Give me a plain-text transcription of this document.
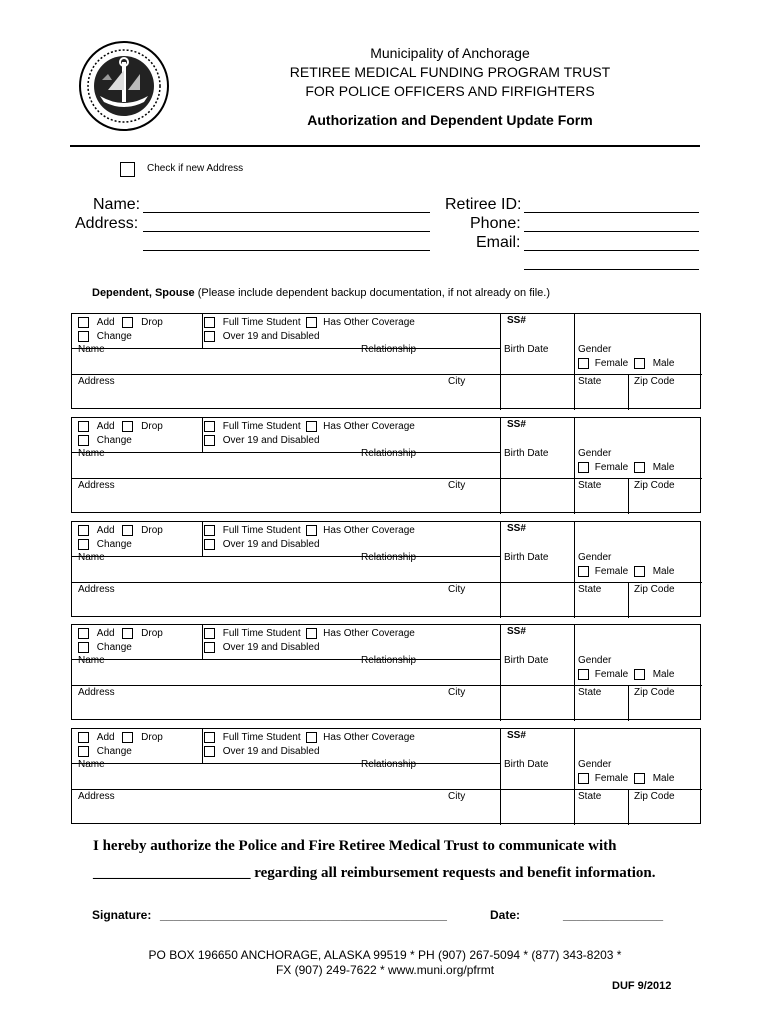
Municipality of Anchorage
RETIREE MEDICAL FUNDING PROGRAM TRUST
FOR POLICE OFFICERS AND FIRFIGHTERS
Authorization and Dependent Update Form
Check if new Address
Name:
Address:
Retiree ID:
Phone:
Email:
Dependent, Spouse (Please include dependent backup documentation, if not already on file.)
Add	Drop
Change
Full Time Student Has Other Coverage
Over 19 and Disabled
SS#
Name	Relationship	Birth Date	Gender
Female Male
Address	City	State	Zip Code
Add	Drop
Change
Full Time Student Has Other Coverage
Over 19 and Disabled
SS#
Name	Relationship	Birth Date	Gender
Female Male
Address	City	State	Zip Code
Add	Drop
Change
Full Time Student Has Other Coverage
Over 19 and Disabled
SS#
Name	Relationship	Birth Date	Gender
Female Male
Address	City	State	Zip Code
Add	Drop
Change
Full Time Student Has Other Coverage
Over 19 and Disabled
SS#
Name	Relationship	Birth Date	Gender
Female Male
Address	City	State	Zip Code
Add	Drop
Change
Full Time Student Has Other Coverage
Over 19 and Disabled
SS#
Name	Relationship	Birth Date	Gender
Female Male
Address	City	State	Zip Code
I hereby authorize the Police and Fire Retiree Medical Trust to communicate with
_____________________ regarding all reimbursement requests and benefit information.
Signature: ___________________________________________	Date:	_______________
PO BOX 196650 ANCHORAGE, ALASKA 99519 * PH (907) 267-5094 * (877) 343-8203 *
FX (907) 249-7622 * www.muni.org/pfrmt
DUF 9/2012
